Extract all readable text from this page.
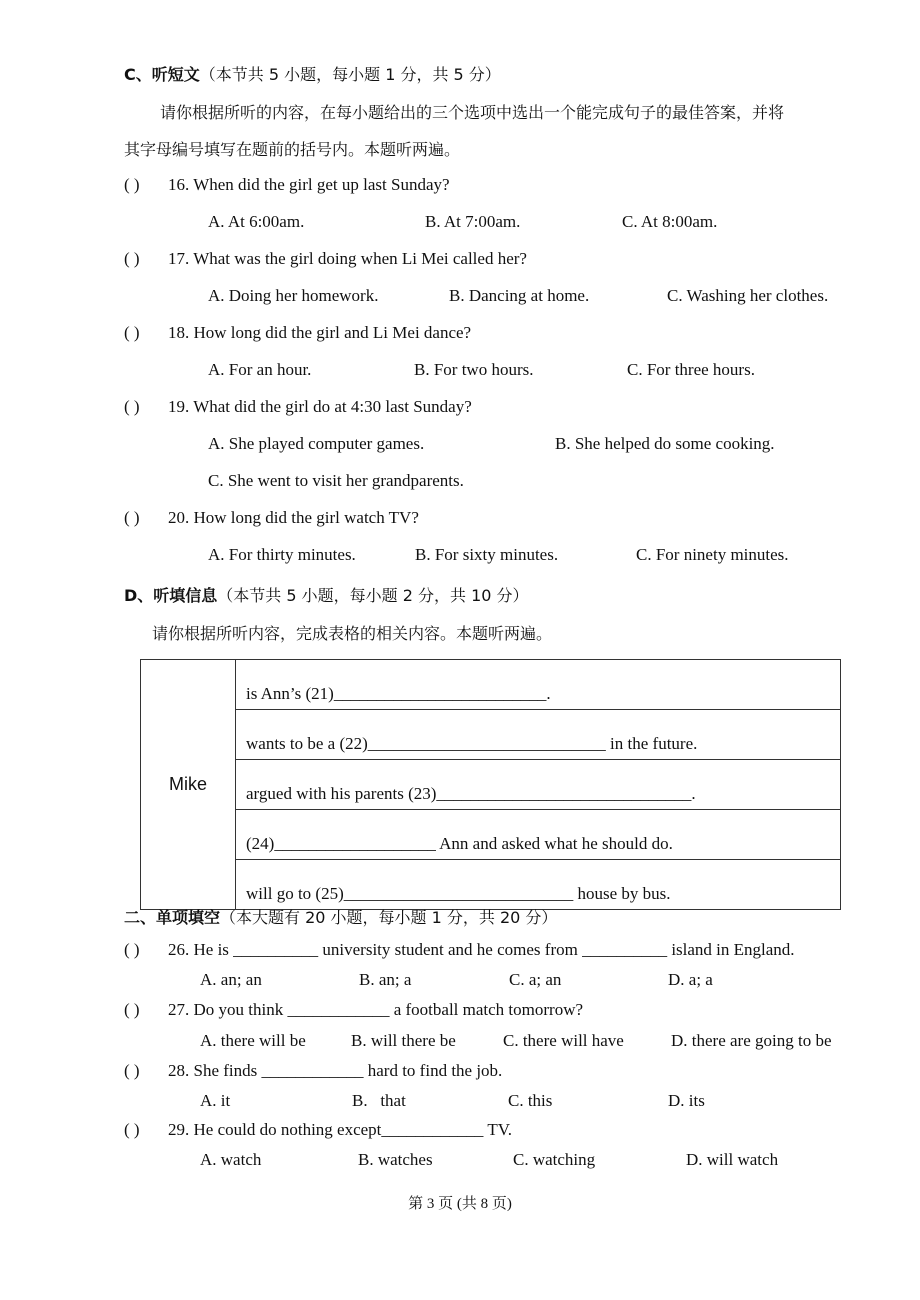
C、听短文（本节共 5 小题，每小题 1 分，共 5 分）
请你根据所听的内容，在每小题给出的三个选项中选出一个能完成句子的最佳答案，并将
其字母编号填写在题前的括号内。本题听两遍。
( ) 16. When did the girl get up last Sunday?
A. At 6:00am.	B. At 7:00am.	C. At 8:00am.
( ) 17. What was the girl doing when Li Mei called her?
A. Doing her homework.	B. Dancing at home.	C. Washing her clothes.
( ) 18. How long did the girl and Li Mei dance?
A. For an hour.	B. For two hours.	C. For three hours.
( ) 19. What did the girl do at 4:30 last Sunday?
A. She played computer games.	B. She helped do some cooking.
C. She went to visit her grandparents.
( ) 20. How long did the girl watch TV?
A. For thirty minutes.	B. For sixty minutes.	C. For ninety minutes.
D、听填信息（本节共 5 小题，每小题 2 分，共 10 分）
请你根据所听内容，完成表格的相关内容。本题听两遍。
Mike	is Ann’s (21)_________________________.
wants to be a (22)____________________________ in the future.
argued with his parents (23)______________________________.
(24)___________________ Ann and asked what he should do.
will go to (25)___________________________ house by bus.
二、单项填空（本大题有 20 小题，每小题 1 分，共 20 分）
( ) 26. He is __________ university student and he comes from __________ island in England.
A. an; an	B. an; a	C. a; an	D. a; a
( ) 27. Do you think ____________ a football match tomorrow?
A. there will be	B. will there be	C. there will have	D. there are going to be
( ) 28. She finds ____________ hard to find the job.
A. it	B.   that	C. this	D. its
( ) 29. He could do nothing except____________ TV.
A. watch	B. watches	C. watching	D. will watch
第 3 页 (共 8 页)
